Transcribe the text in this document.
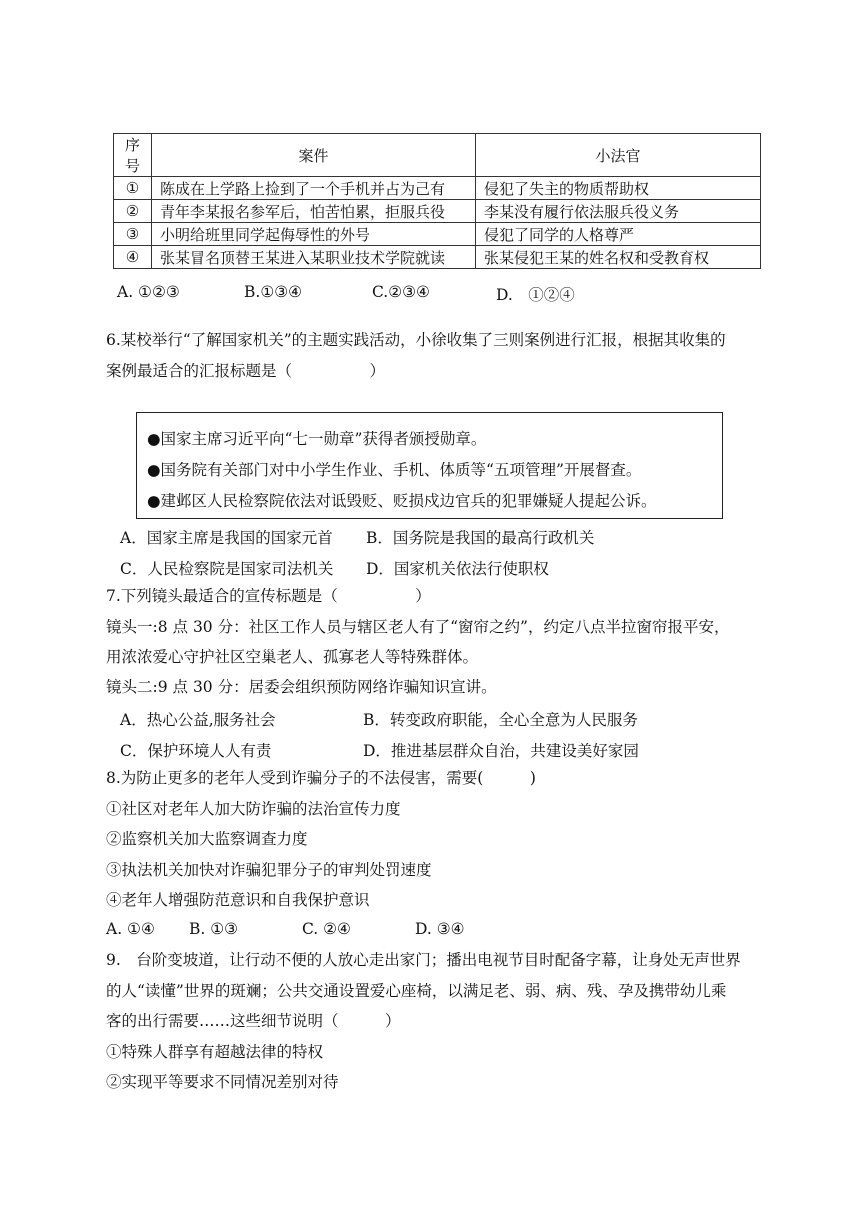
序号	案件	小法官
①	陈成在上学路上捡到了一个手机并占为己有	侵犯了失主的物质帮助权
②	青年李某报名参军后，怕苦怕累，拒服兵役	李某没有履行依法服兵役义务
③	小明给班里同学起侮辱性的外号	侵犯了同学的人格尊严
④	张某冒名顶替王某进入某职业技术学院就读	张某侵犯王某的姓名权和受教育权
A. ①②③	B.①③④	C.②③④	D.　①②④
6.某校举行“了解国家机关”的主题实践活动，小徐收集了三则案例进行汇报，根据其收集的
案例最适合的汇报标题是（　　　　　）
●国家主席习近平向“七一勋章”获得者颁授勋章。
●国务院有关部门对中小学生作业、手机、体质等“五项管理”开展督查。
●建邺区人民检察院依法对诋毁贬、贬损戍边官兵的犯罪嫌疑人提起公诉。
A．国家主席是我国的国家元首 B．国务院是我国的最高行政机关
C．人民检察院是国家司法机关 D．国家机关依法行使职权
7.下列镜头最适合的宣传标题是（　　　　　）
镜头一:8 点 30 分：社区工作人员与辖区老人有了“窗帘之约”，约定八点半拉窗帘报平安，
用浓浓爱心守护社区空巢老人、孤寡老人等特殊群体。
镜头二:9 点 30 分：居委会组织预防网络诈骗知识宣讲。
A．热心公益,服务社会	B．转变政府职能，全心全意为人民服务
C．保护环境人人有责	D．推进基层群众自治，共建设美好家园
8.为防止更多的老年人受到诈骗分子的不法侵害，需要(　　　)
①社区对老年人加大防诈骗的法治宣传力度
②监察机关加大监察调查力度
③执法机关加快对诈骗犯罪分子的审判处罚速度
④老年人增强防范意识和自我保护意识
A. ①④ B. ①③	C. ②④	D. ③④
9.　台阶变坡道，让行动不便的人放心走出家门；播出电视节目时配备字幕，让身处无声世界
的人“读懂”世界的斑斓；公共交通设置爱心座椅，以满足老、弱、病、残、孕及携带幼儿乘
客的出行需要……这些细节说明（　　　）
①特殊人群享有超越法律的特权
②实现平等要求不同情况差别对待
